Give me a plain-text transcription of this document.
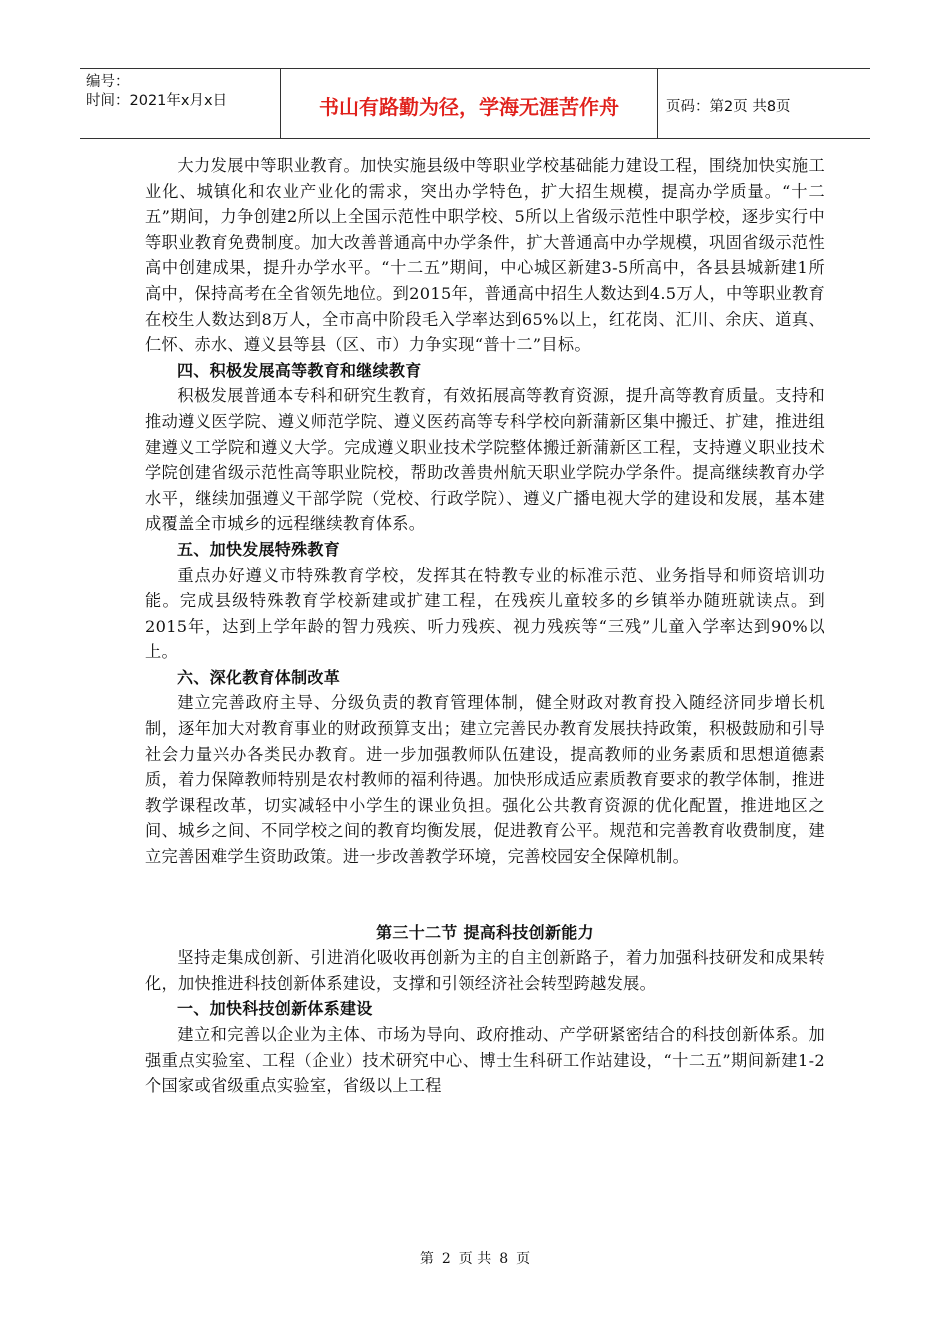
编号：
时间：2021年x月x日	书山有路勤为径，学海无涯苦作舟	页码：第2页 共8页

大力发展中等职业教育。加快实施县级中等职业学校基础能力建设工程，围绕加快实施工业化、城镇化和农业产业化的需求，突出办学特色，扩大招生规模，提高办学质量。“十二五”期间，力争创建2所以上全国示范性中职学校、5所以上省级示范性中职学校，逐步实行中等职业教育免费制度。加大改善普通高中办学条件，扩大普通高中办学规模，巩固省级示范性高中创建成果，提升办学水平。“十二五”期间，中心城区新建3-5所高中，各县县城新建1所高中，保持高考在全省领先地位。到2015年，普通高中招生人数达到4.5万人，中等职业教育在校生人数达到8万人，全市高中阶段毛入学率达到65%以上，红花岗、汇川、余庆、道真、仁怀、赤水、遵义县等县（区、市）力争实现“普十二”目标。

四、积极发展高等教育和继续教育

积极发展普通本专科和研究生教育，有效拓展高等教育资源，提升高等教育质量。支持和推动遵义医学院、遵义师范学院、遵义医药高等专科学校向新蒲新区集中搬迁、扩建，推进组建遵义工学院和遵义大学。完成遵义职业技术学院整体搬迁新蒲新区工程，支持遵义职业技术学院创建省级示范性高等职业院校，帮助改善贵州航天职业学院办学条件。提高继续教育办学水平，继续加强遵义干部学院（党校、行政学院）、遵义广播电视大学的建设和发展，基本建成覆盖全市城乡的远程继续教育体系。

五、加快发展特殊教育

重点办好遵义市特殊教育学校，发挥其在特教专业的标准示范、业务指导和师资培训功能。完成县级特殊教育学校新建或扩建工程，在残疾儿童较多的乡镇举办随班就读点。到2015年，达到上学年龄的智力残疾、听力残疾、视力残疾等“三残”儿童入学率达到90%以上。

六、深化教育体制改革

建立完善政府主导、分级负责的教育管理体制，健全财政对教育投入随经济同步增长机制，逐年加大对教育事业的财政预算支出；建立完善民办教育发展扶持政策，积极鼓励和引导社会力量兴办各类民办教育。进一步加强教师队伍建设，提高教师的业务素质和思想道德素质，着力保障教师特别是农村教师的福利待遇。加快形成适应素质教育要求的教学体制，推进教学课程改革，切实减轻中小学生的课业负担。强化公共教育资源的优化配置，推进地区之间、城乡之间、不同学校之间的教育均衡发展，促进教育公平。规范和完善教育收费制度，建立完善困难学生资助政策。进一步改善教学环境，完善校园安全保障机制。

第三十二节 提高科技创新能力

坚持走集成创新、引进消化吸收再创新为主的自主创新路子，着力加强科技研发和成果转化，加快推进科技创新体系建设，支撑和引领经济社会转型跨越发展。

一、加快科技创新体系建设

建立和完善以企业为主体、市场为导向、政府推动、产学研紧密结合的科技创新体系。加强重点实验室、工程（企业）技术研究中心、博士生科研工作站建设，“十二五”期间新建1-2个国家或省级重点实验室，省级以上工程

第 2 页 共 8 页
